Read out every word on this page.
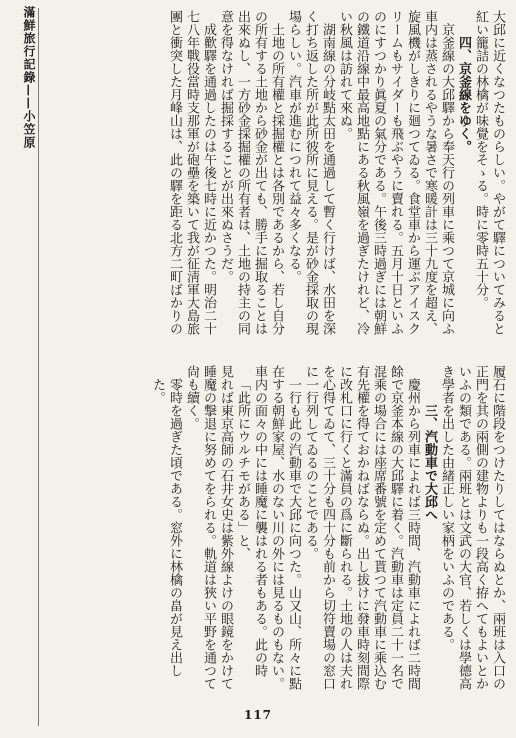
滿鮮旅行記錄——小笠原	大邱に近くなつたものらしい。やがて驛についてみると
紅い籠詰の林檎が味覺をそゝる。時に零時五十分。
四、京釜線をゆく。
京釜線の大邱驛から奉天行の列車に乘つて京城に向ふ
車内は蒸されるやうな暑さで寒暖計は三十九度を超え、
旋風機がしきりに廻つてゐる。食堂車から運ぶアイスク
リームもサイダーも飛ぶやうに賣れる。五月十日といふ
のにすつかり眞夏の氣分である。午後三時過ぎには朝鮮
の鐵道沿線中最高地點にある秋風嶺を過ぎたけれど、冷
い秋風は訪れて來ぬ。
湖南線の分岐點太田を通過して暫く行けば、水田を深
く打ち返した所が此所彼所に見える。是が砂金採取の現
場らしい。汽車が進むにつれて益々多くなる。
土地の所有權と採掘權とは各別であるから、若し自分
の所有する土地から砂金が出ても、勝手に掘取ることは
出來ぬし、一方砂金採掘權の所有者は、土地の持主の同
意を得なければ掘採することが出來ぬさうだ。
成歡驛を通過したのは午後七時に近かつた。明治二十
七八年戰役當時支那軍が砲壘を築いて我が征淸軍大島旅
團と衝突した月峰山は、此の驛を距る北方二町ばかりの
履石に階段をつけたりしてはならぬとか、兩班は入口の
正門を其の兩側の建物よりも一段高く拵へてもよいとか
いふの類である。兩班とは文武の大官、若しくは學德高
き學者を出した由緒正しい家柄をいふのである。
三、汽動車で大邱へ
慶州から列車によれば三時間、汽動車によれば二時間
餘で京釜本線の大邱驛に着く。汽動車は定員二十一名で
混乘の場合には座席番號を定めて貰つて汽動車に乘込む
有先權を得ておかねばならぬ。出し拔けに發車時刻間際
に改札口に行くと滿員の爲に斷られる。土地の人は夫れ
を心得てゐて、三十分も四十分も前から切符賣場の窓口
に一行列してゐるのことである。
一行も此の汽動車で大邱に向つた。山又山、所々に點
在する朝鮮家屋、水のない川の外には見るものもない。
車内の面々の中には睡魔に襲はれる者もある。此の時
「此所にウルチモがある」と、
見れば東京高師の石井女史は紫外線よけの眼鏡をかけて
睡魔の撃退に努めてをられる。軌道は狹い平野を通つて
尙も續く。
零時を過ぎた頃である。窓外に林檎の畠が見え出した。
117
